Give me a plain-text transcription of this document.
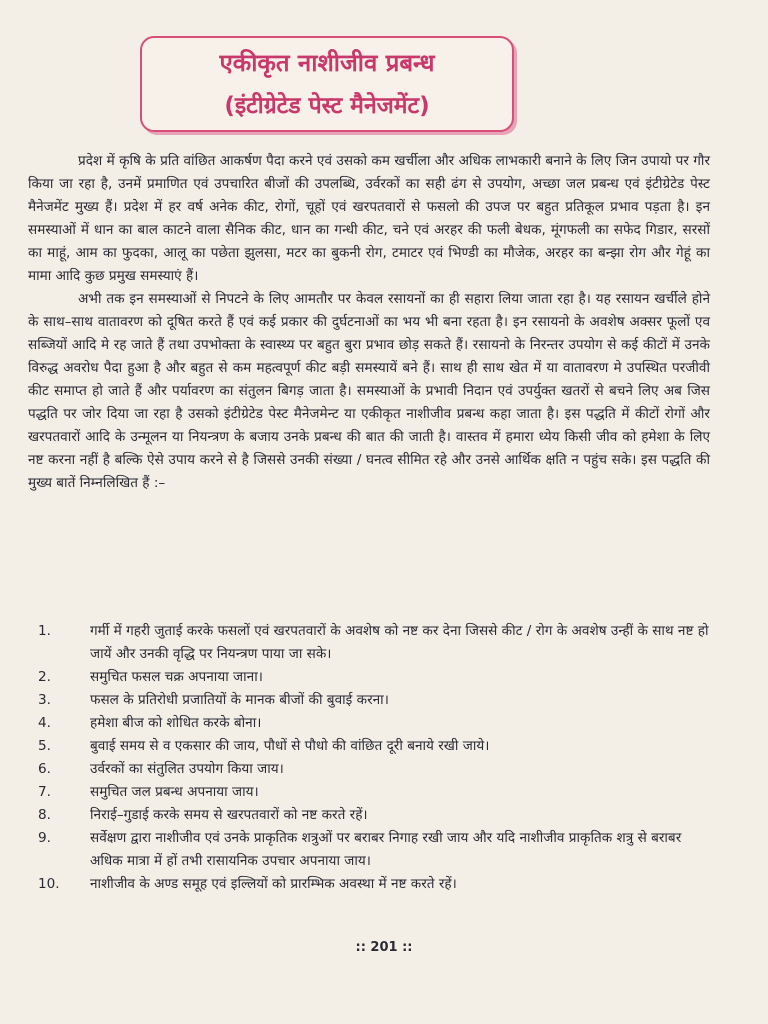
एकीकृत नाशीजीव प्रबन्ध
(इंटीग्रेटेड पेस्ट मैनेजमेंट)

प्रदेश में कृषि के प्रति वांछित आकर्षण पैदा करने एवं उसको कम खर्चीला और अधिक लाभकारी बनाने के लिए जिन उपायो पर गौर किया जा रहा है, उनमें प्रमाणित एवं उपचारित बीजों की उपलब्धि, उर्वरकों का सही ढंग से उपयोग, अच्छा जल प्रबन्ध एवं इंटीग्रेटेड पेस्ट मैनेजमेंट मुख्य हैं। प्रदेश में हर वर्ष अनेक कीट, रोगों, चूहों एवं खरपतवारों से फसलो की उपज पर बहुत प्रतिकूल प्रभाव पड़ता है। इन समस्याओं में धान का बाल काटने वाला सैनिक कीट, धान का गन्धी कीट, चने एवं अरहर की फली बेधक, मूंगफली का सफेद गिडार, सरसों का माहूं, आम का फुदका, आलू का पछेता झुलसा, मटर का बुकनी रोग, टमाटर एवं भिण्डी का मौजेक, अरहर का बन्झा रोग और गेहूं का मामा आदि कुछ प्रमुख समस्याएं हैं।

अभी तक इन समस्याओं से निपटने के लिए आमतौर पर केवल रसायनों का ही सहारा लिया जाता रहा है। यह रसायन खर्चीले होने के साथ–साथ वातावरण को दूषित करते हैं एवं कई प्रकार की दुर्घटनाओं का भय भी बना रहता है। इन रसायनो के अवशेष अक्सर फूलों एव सब्जियों आदि मे रह जाते हैं तथा उपभोक्ता के स्वास्थ्य पर बहुत बुरा प्रभाव छोड़ सकते हैं। रसायनो के निरन्तर उपयोग से कई कीटों में उनके विरुद्ध अवरोध पैदा हुआ है और बहुत से कम महत्वपूर्ण कीट बड़ी समस्यायें बने हैं। साथ ही साथ खेत में या वातावरण मे उपस्थित परजीवी कीट समाप्त हो जाते हैं और पर्यावरण का संतुलन बिगड़ जाता है। समस्याओं के प्रभावी निदान एवं उपर्युक्त खतरों से बचने लिए अब जिस पद्धति पर जोर दिया जा रहा है उसको इंटीग्रेटेड पेस्ट मैनेजमेन्ट या एकीकृत नाशीजीव प्रबन्ध कहा जाता है। इस पद्धति में कीटों रोगों और खरपतवारों आदि के उन्मूलन या नियन्त्रण के बजाय उनके प्रबन्ध की बात की जाती है। वास्तव में हमारा ध्येय किसी जीव को हमेशा के लिए नष्ट करना नहीं है बल्कि ऐसे उपाय करने से है जिससे उनकी संख्या / घनत्व सीमित रहे और उनसे आर्थिक क्षति न पहुंच सके। इस पद्धति की मुख्य बातें निम्नलिखित हैं :–

1.	गर्मी में गहरी जुताई करके फसलों एवं खरपतवारों के अवशेष को नष्ट कर देना जिससे कीट / रोग के अवशेष उन्हीं के साथ नष्ट हो जायें और उनकी वृद्धि पर नियन्त्रण पाया जा सके।
2.	समुचित फसल चक्र अपनाया जाना।
3.	फसल के प्रतिरोधी प्रजातियों के मानक बीजों की बुवाई करना।
4.	हमेशा बीज को शोधित करके बोना।
5.	बुवाई समय से व एकसार की जाय, पौधों से पौधो की वांछित दूरी बनाये रखी जाये।
6.	उर्वरकों का संतुलित उपयोग किया जाय।
7.	समुचित जल प्रबन्ध अपनाया जाय।
8.	निराई–गुडाई करके समय से खरपतवारों को नष्ट करते रहें।
9.	सर्वेक्षण द्वारा नाशीजीव एवं उनके प्राकृतिक शत्रुओं पर बराबर निगाह रखी जाय और यदि नाशीजीव प्राकृतिक शत्रु से बराबर अधिक मात्रा में हों तभी रासायनिक उपचार अपनाया जाय।
10.	नाशीजीव के अण्ड समूह एवं इल्लियों को प्रारम्भिक अवस्था में नष्ट करते रहें।
:: 201 ::
